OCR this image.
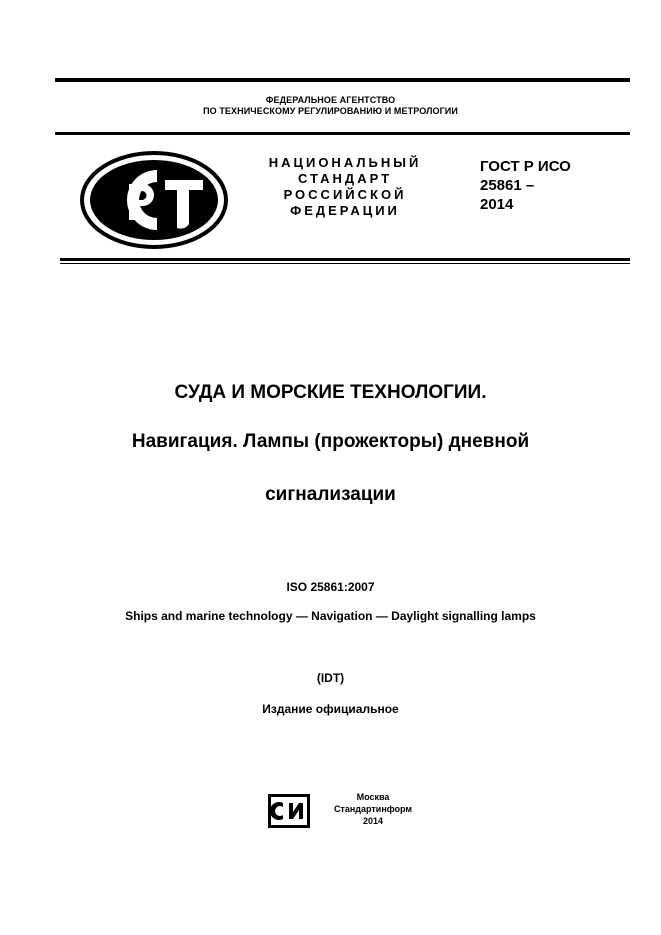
ФЕДЕРАЛЬНОЕ АГЕНТСТВО
ПО ТЕХНИЧЕСКОМУ РЕГУЛИРОВАНИЮ И МЕТРОЛОГИИ
НАЦИОНАЛЬНЫЙ
СТАНДАРТ
РОССИЙСКОЙ
ФЕДЕРАЦИИ
ГОСТ Р ИСО
25861 –
2014
СУДА И МОРСКИЕ ТЕХНОЛОГИИ.
Навигация. Лампы (прожекторы) дневной
сигнализации
ISO 25861:2007
Ships and marine technology — Navigation — Daylight signalling lamps
(IDT)
Издание официальное
Москва
Стандартинформ
2014
